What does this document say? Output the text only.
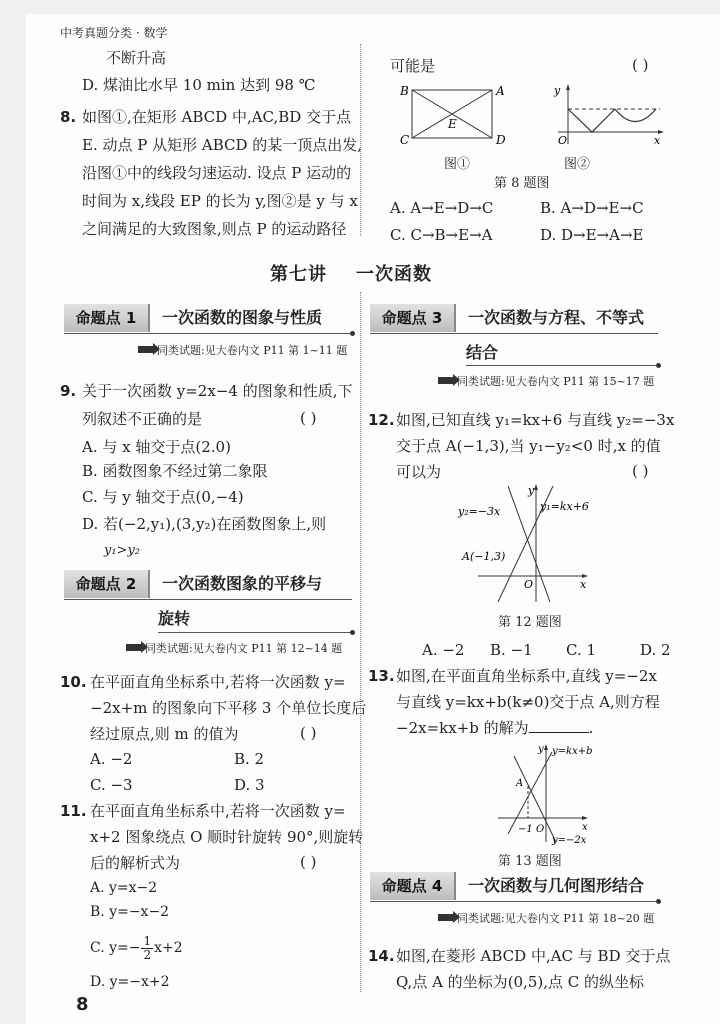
中考真题分类 · 数学
不断升高
D. 煤油比水早 10 min 达到 98 ℃
8. 如图①,在矩形 ABCD 中,AC,BD 交于点
E. 动点 P 从矩形 ABCD 的某一顶点出发,
沿图①中的线段匀速运动. 设点 P 运动的
时间为 x,线段 EP 的长为 y,图②是 y 与 x
之间满足的大致图象,则点 P 的运动路径
可能是	( )
B	A
C	D
E
图①
y
O	x
图②
第 8 题图
A. A→E→D→C	B. A→D→E→C
C. C→B→E→A	D. D→E→A→E
第七讲    一次函数
命题点 1	一次函数的图象与性质
同类试题:见大卷内文 P11 第 1~11 题
9. 关于一次函数 y=2x−4 的图象和性质,下
列叙述不正确的是	( )
A. 与 x 轴交于点(2.0)
B. 函数图象不经过第二象限
C. 与 y 轴交于点(0,−4)
D. 若(−2,y₁),(3,y₂)在函数图象上,则
y₁>y₂
命题点 2	一次函数图象的平移与
旋转
同类试题:见大卷内文 P11 第 12~14 题
10. 在平面直角坐标系中,若将一次函数 y=
−2x+m 的图象向下平移 3 个单位长度后
经过原点,则 m 的值为	( )
A. −2	B. 2
C. −3	D. 3
11. 在平面直角坐标系中,若将一次函数 y=
x+2 图象绕点 O 顺时针旋转 90°,则旋转
后的解析式为	( )
A. y=x−2
B. y=−x−2
C. $y=- \frac{1}{2} x+2$
D. y=−x+2
8
命题点 3	一次函数与方程、不等式
结合
同类试题:见大卷内文 P11 第 15~17 题
12. 如图,已知直线 y₁=kx+6 与直线 y₂=−3x
交于点 A(−1,3),当 y₁−y₂<0 时,x 的值
可以为	( )
y₂=−3x	y₁=kx+6
A(−1,3)
O	x
y
第 12 题图
A. −2 B. −1 C. 1	D. 2
13. 如图,在平面直角坐标系中,直线 y=−2x
与直线 y=kx+b(k≠0)交于点 A,则方程
−2x=kx+b 的解为	.
y y=kx+b
A
−1 O	x
y=−2x
第 13 题图
命题点 4	一次函数与几何图形结合
同类试题:见大卷内文 P11 第 18~20 题
14. 如图,在菱形 ABCD 中,AC 与 BD 交于点
Q,点 A 的坐标为(0,5),点 C 的纵坐标
